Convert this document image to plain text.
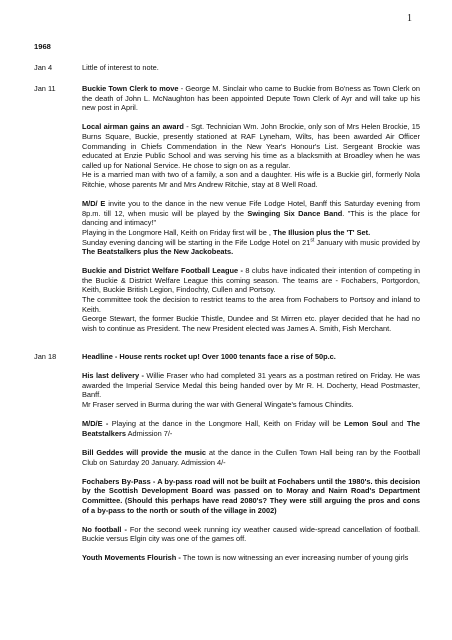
1
1968
Jan 4	Little of interest to note.

Jan 11	Buckie Town Clerk to move - George M. Sinclair who came to Buckie from Bo'ness as Town Clerk on the death of John L. McNaughton has been appointed Depute Town Clerk of Ayr and will take up his new post in April.

Local airman gains an award - Sgt. Technician Wm. John Brockie, only son of Mrs Helen Brockie, 15 Burns Square, Buckie, presently stationed at RAF Lyneham, Wilts, has been awarded Air Officer Commanding in Chiefs Commendation in the New Year's Honour's List. Sergeant Brockie was educated at Enzie Public School and was serving his time as a blacksmith at Broadley when he was called up for National Service. He chose to sign on as a regular.
He is a married man with two of a family, a son and a daughter. His wife is a Buckie girl, formerly Nola Ritchie, whose parents Mr and Mrs Andrew Ritchie, stay at 8 Well Road.

M/D/ E invite you to the dance in the new venue Fife Lodge Hotel, Banff this Saturday evening from 8p.m. till 12, when music will be played by the Swinging Six Dance Band. "This is the place for dancing and intimacy!"
Playing in the Longmore Hall, Keith on Friday first will be , The Illusion plus the 'T' Set.
Sunday evening dancing will be starting in the Fife Lodge Hotel on 21st January with music provided by The Beatstalkers plus the New Jackobeats.

Buckie and District Welfare Football League - 8 clubs have indicated their intention of competing in the Buckie & District Welfare League this coming season. The teams are - Fochabers, Portgordon, Keith, Buckie British Legion, Findochty, Cullen and Portsoy.
The committee took the decision to restrict teams to the area from Fochabers to Portsoy and inland to Keith.
George Stewart, the former Buckie Thistle, Dundee and St Mirren etc. player decided that he had no wish to continue as President. The new President elected was James A. Smith, Fish Merchant.

Jan 18	Headline - House rents rocket up! Over 1000 tenants face a rise of 50p.c.

His last delivery - Willie Fraser who had completed 31 years as a postman retired on Friday. He was awarded the Imperial Service Medal this being handed over by Mr R. H. Docherty, Head Postmaster, Banff.
Mr Fraser served in Burma during the war with General Wingate's famous Chindits.

M/D/E - Playing at the dance in the Longmore Hall, Keith on Friday will be Lemon Soul and The Beatstalkers Admission 7/-

Bill Geddes will provide the music at the dance in the Cullen Town Hall being ran by the Football Club on Saturday 20 January. Admission 4/-

Fochabers By-Pass - A by-pass road will not be built at Fochabers until the 1980's. this decision by the Scottish Development Board was passed on to Moray and Nairn Road's Department Committee. (Should this perhaps have read 2080's? They were still arguing the pros and cons of a by-pass to the north or south of the village in 2002)

No football - For the second week running icy weather caused wide-spread cancellation of football. Buckie versus Elgin city was one of the games off.

Youth Movements Flourish - The town is now witnessing an ever increasing number of young girls
